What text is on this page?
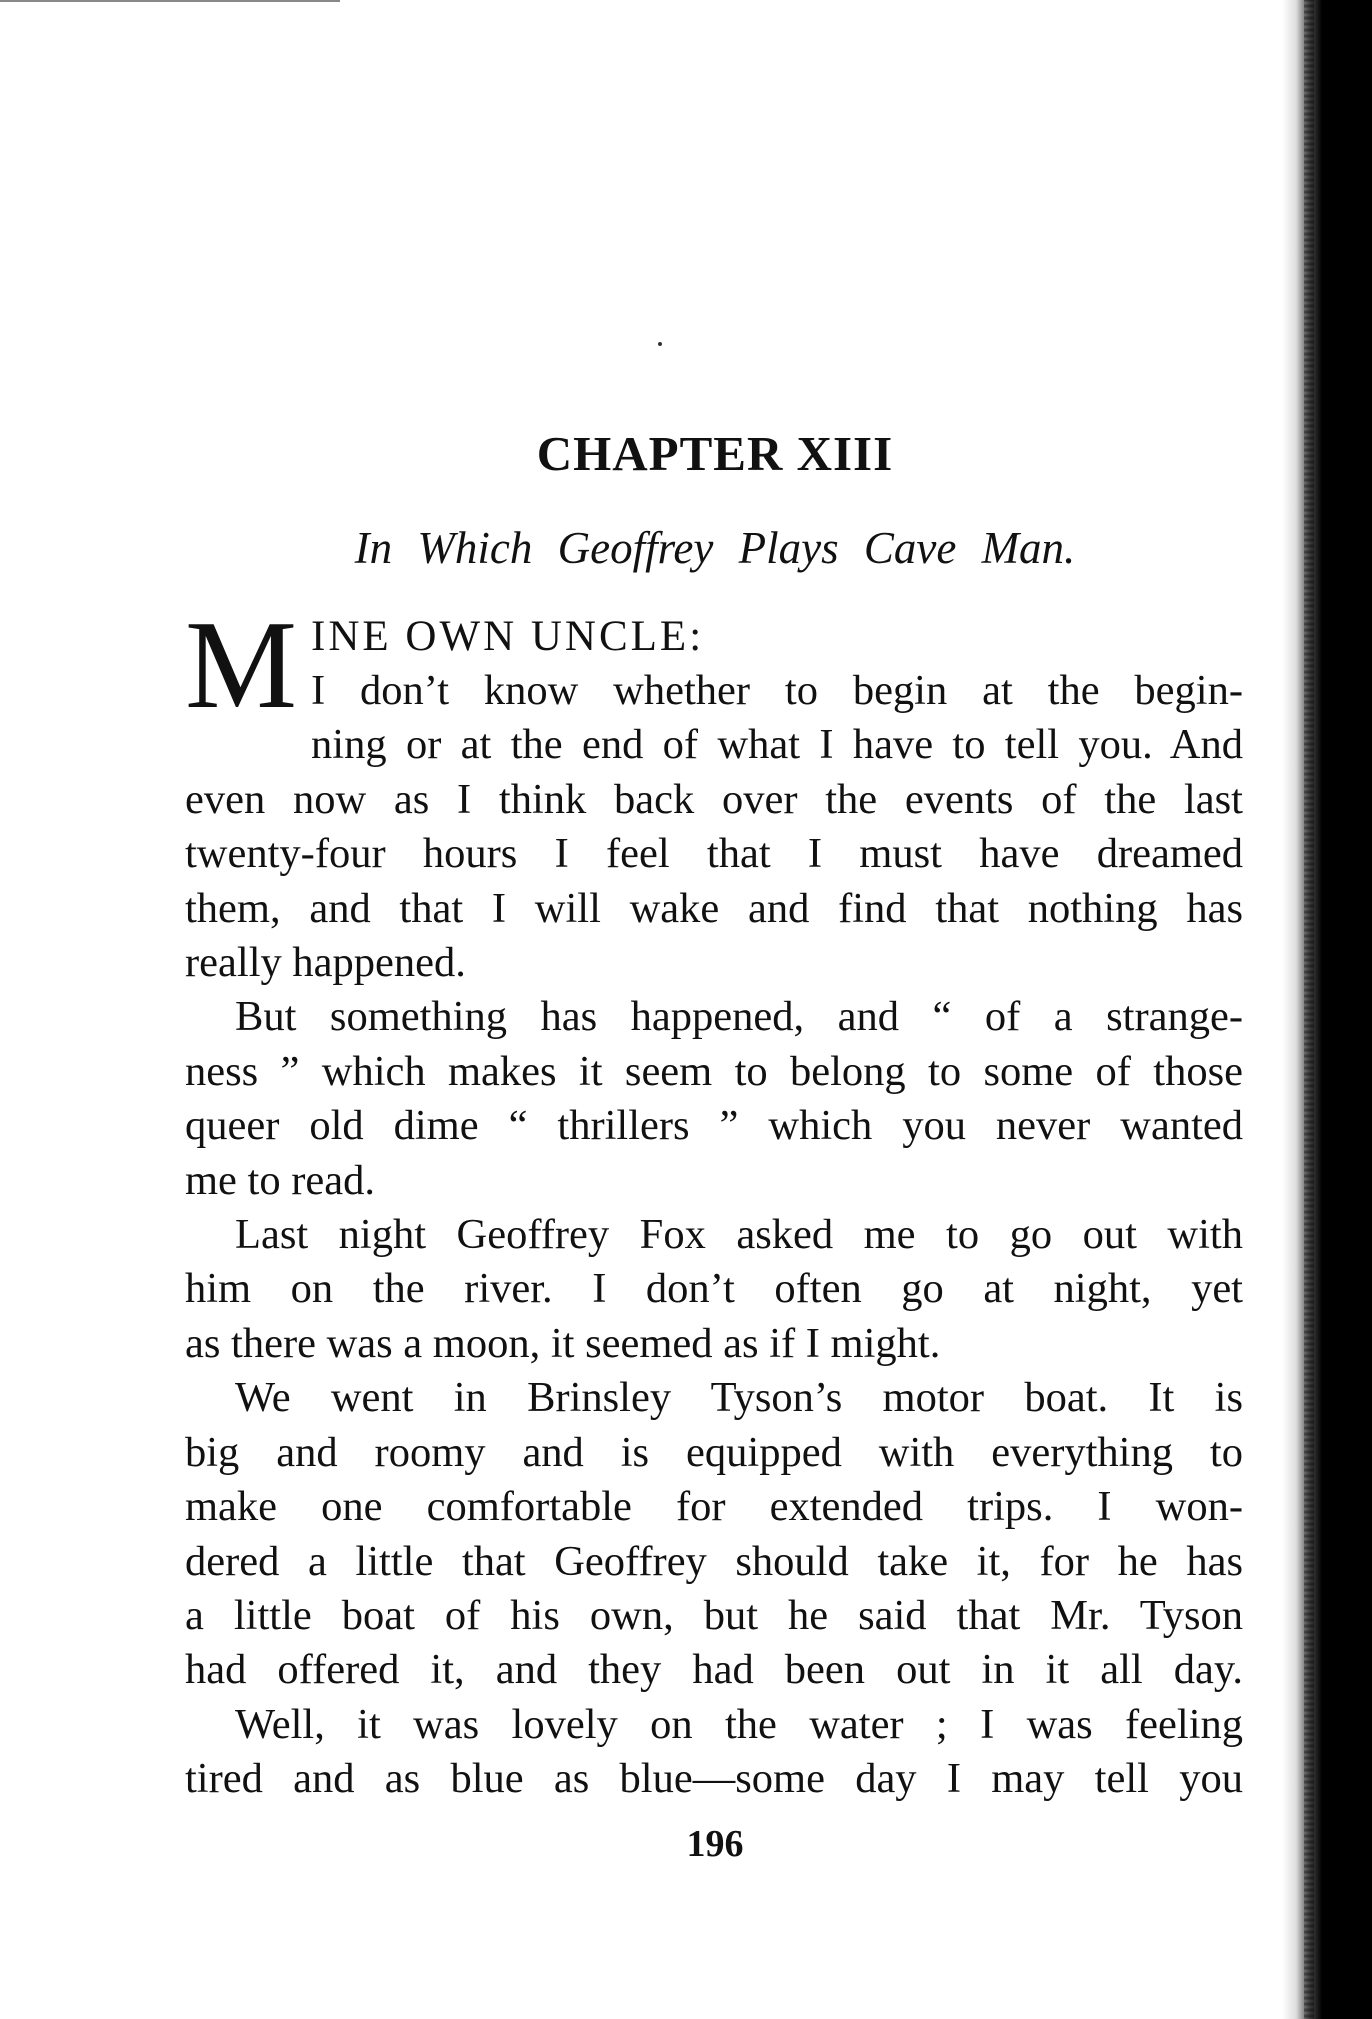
CHAPTER XIII
In Which Geoffrey Plays Cave Man.
M INE OWN UNCLE:
I don’t know whether to begin at the begin-
ning or at the end of what I have to tell you. And
even now as I think back over the events of the last
twenty-four hours I feel that I must have dreamed
them, and that I will wake and find that nothing has
really happened.
But something has happened, and “ of a strange-
ness ” which makes it seem to belong to some of those
queer old dime “ thrillers ” which you never wanted
me to read.
Last night Geoffrey Fox asked me to go out with
him on the river. I don’t often go at night, yet
as there was a moon, it seemed as if I might.
We went in Brinsley Tyson’s motor boat. It is
big and roomy and is equipped with everything to
make one comfortable for extended trips. I won-
dered a little that Geoffrey should take it, for he has
a little boat of his own, but he said that Mr. Tyson
had offered it, and they had been out in it all day.
Well, it was lovely on the water ; I was feeling
tired and as blue as blue—some day I may tell you
196
